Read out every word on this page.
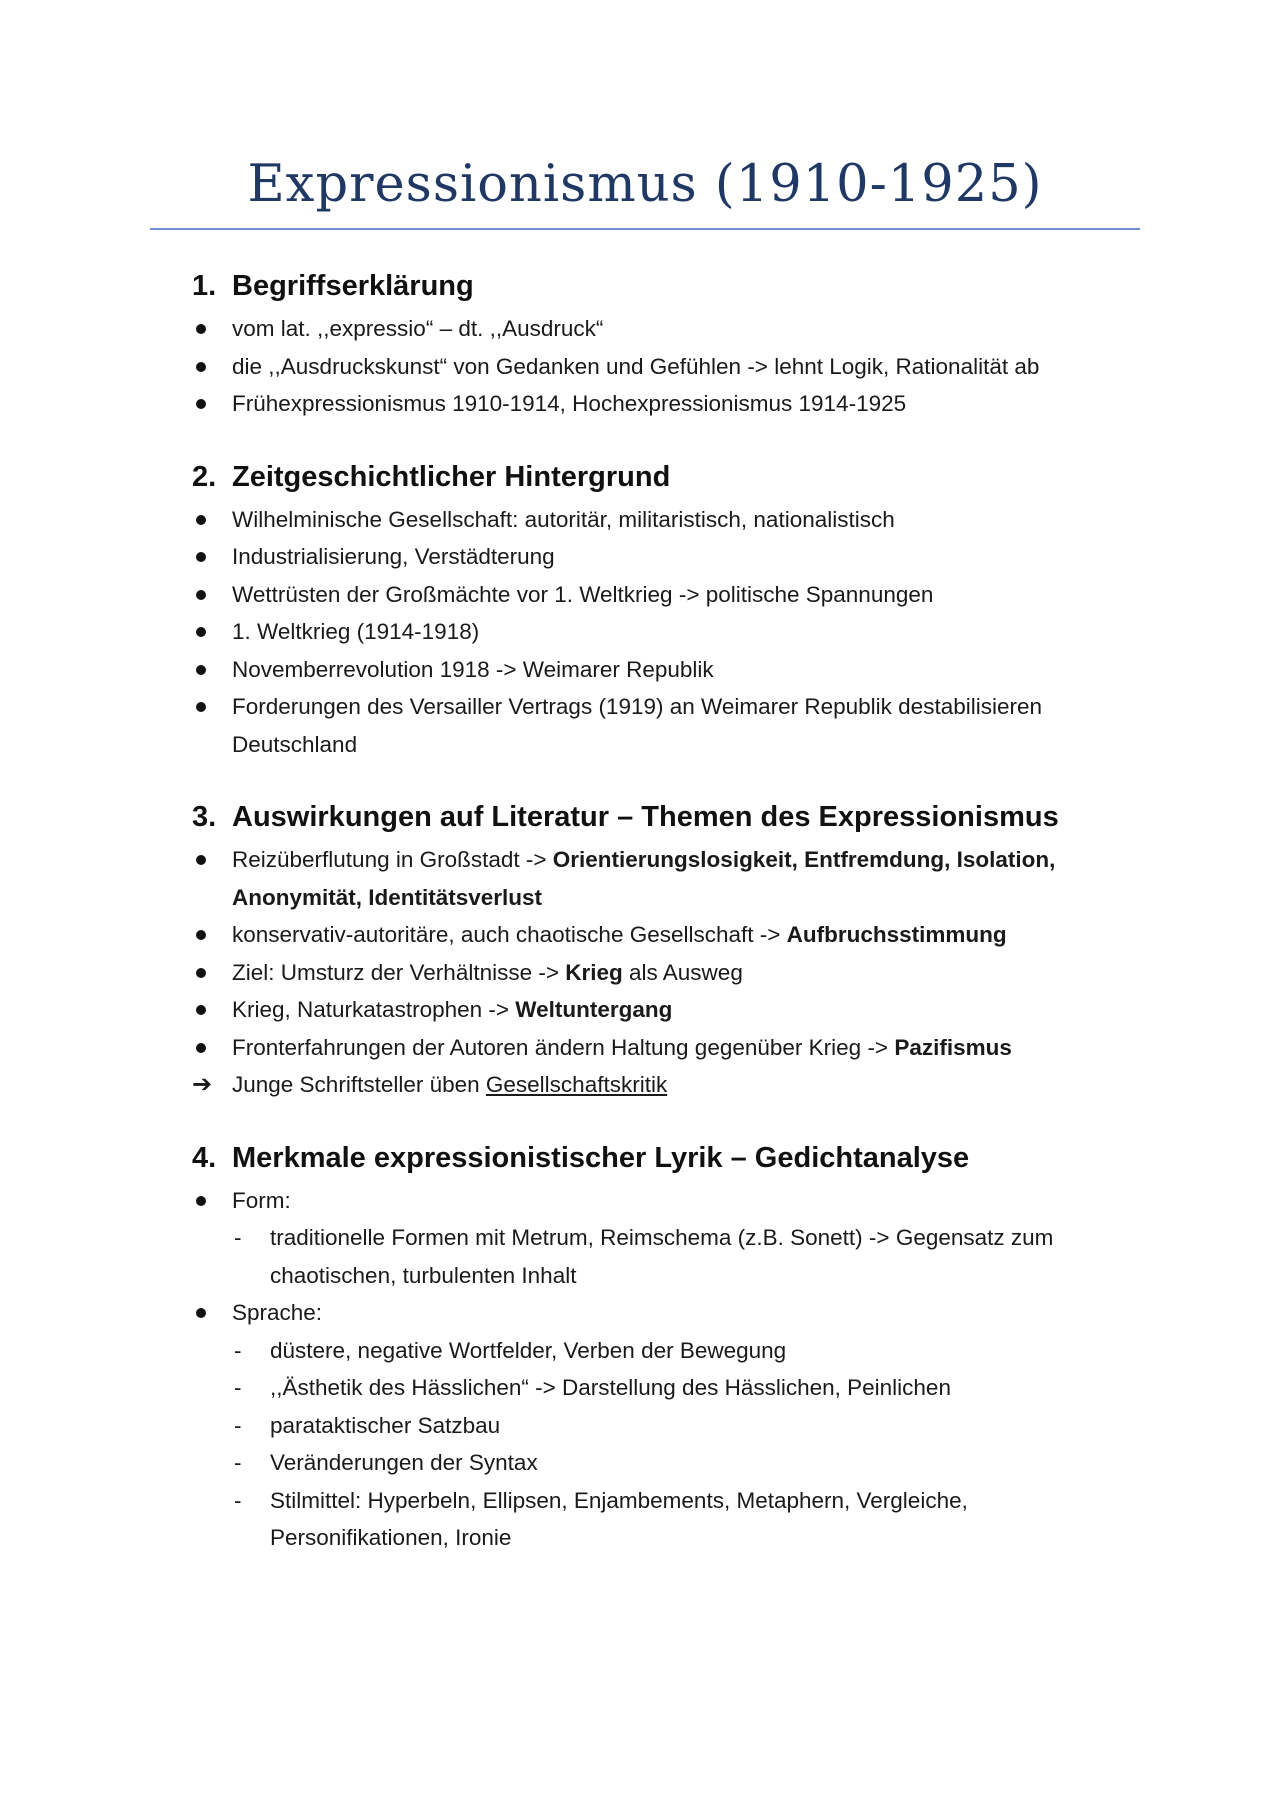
Expressionismus (1910-1925)
1. Begriffserklärung
vom lat. ,,expressio“ – dt. ,,Ausdruck“
die ,,Ausdruckskunst“ von Gedanken und Gefühlen -> lehnt Logik, Rationalität ab
Frühexpressionismus 1910-1914, Hochexpressionismus 1914-1925
2. Zeitgeschichtlicher Hintergrund
Wilhelminische Gesellschaft: autoritär, militaristisch, nationalistisch
Industrialisierung, Verstädterung
Wettrüsten der Großmächte vor 1. Weltkrieg -> politische Spannungen
1. Weltkrieg (1914-1918)
Novemberrevolution 1918 -> Weimarer Republik
Forderungen des Versailler Vertrags (1919) an Weimarer Republik destabilisieren Deutschland
3. Auswirkungen auf Literatur – Themen des Expressionismus
Reizüberflutung in Großstadt -> Orientierungslosigkeit, Entfremdung, Isolation, Anonymität, Identitätsverlust
konservativ-autoritäre, auch chaotische Gesellschaft -> Aufbruchsstimmung
Ziel: Umsturz der Verhältnisse -> Krieg als Ausweg
Krieg, Naturkatastrophen -> Weltuntergang
Fronterfahrungen der Autoren ändern Haltung gegenüber Krieg -> Pazifismus
➔ Junge Schriftsteller üben Gesellschaftskritik
4. Merkmale expressionistischer Lyrik – Gedichtanalyse
Form:
- traditionelle Formen mit Metrum, Reimschema (z.B. Sonett) -> Gegensatz zum chaotischen, turbulenten Inhalt
Sprache:
- düstere, negative Wortfelder, Verben der Bewegung
- ,,Ästhetik des Hässlichen“ -> Darstellung des Hässlichen, Peinlichen
- parataktischer Satzbau
- Veränderungen der Syntax
- Stilmittel: Hyperbeln, Ellipsen, Enjambements, Metaphern, Vergleiche, Personifikationen, Ironie
